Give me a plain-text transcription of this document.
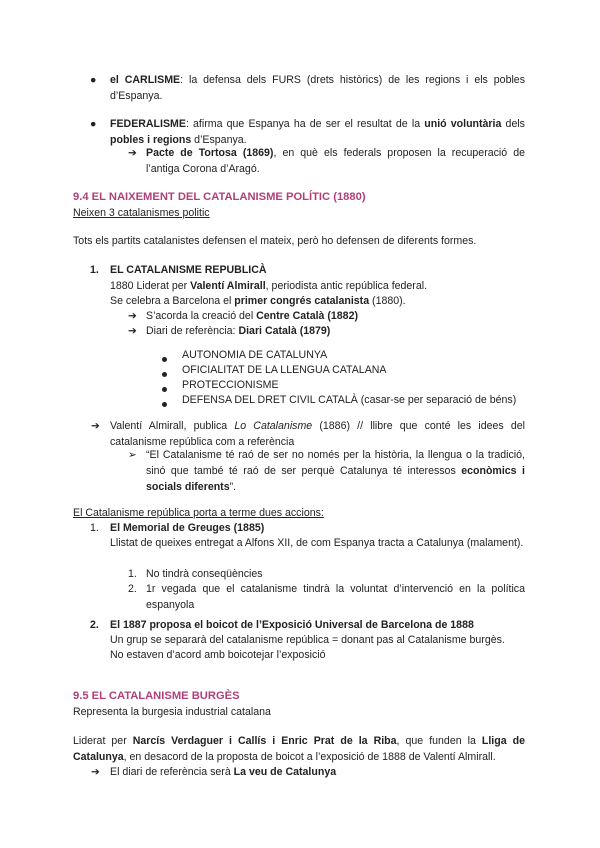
● el CARLISME: la defensa dels FURS (drets històrics) de les regions i els pobles d’Espanya.
● FEDERALISME: afirma que Espanya ha de ser el resultat de la unió voluntària dels pobles i regions d’Espanya.
➔ Pacte de Tortosa (1869), en què els federals proposen la recuperació de l’antiga Corona d’Aragó.
9.4 EL NAIXEMENT DEL CATALANISME POLÍTIC (1880)
Neixen 3 catalanismes politic
Tots els partits catalanistes defensen el mateix, però ho defensen de diferents formes.
1. EL CATALANISME REPUBLICÀ
1880 Liderat per Valentí Almirall, periodista antic república federal.
Se celebra a Barcelona el primer congrés catalanista (1880).
➔ S’acorda la creació del Centre Català (1882)
➔ Diari de referència: Diari Català (1879)
AUTONOMIA DE CATALUNYA
OFICIALITAT DE LA LLENGUA CATALANA
PROTECCIONISME
DEFENSA DEL DRET CIVIL CATALÀ (casar-se per separació de béns)
➔ Valentí Almirall, publica Lo Catalanisme (1886) // llibre que conté les idees del catalanisme república com a referència
➢ “El Catalanisme té raó de ser no només per la història, la llengua o la tradició, sinó que també té raó de ser perquè Catalunya té interessos econòmics i socials diferents”.
El Catalanisme república porta a terme dues accions:
1. El Memorial de Greuges (1885)
Llistat de queixes entregat a Alfons XII, de com Espanya tracta a Catalunya (malament).
1. No tindrà conseqüències
2. 1r vegada que el catalanisme tindrà la voluntat d’intervenció en la política espanyola
2. El 1887 proposa el boicot de l’Exposició Universal de Barcelona de 1888
Un grup se separarà del catalanisme república = donant pas al Catalanisme burgès.
No estaven d’acord amb boicotejar l’exposició
9.5 EL CATALANISME BURGÈS
Representa la burgesia industrial catalana
Liderat per Narcís Verdaguer i Callís i Enric Prat de la Riba, que funden la Lliga de Catalunya, en desacord de la proposta de boicot a l’exposició de 1888 de Valentí Almirall.
➔ El diari de referència serà La veu de Catalunya
